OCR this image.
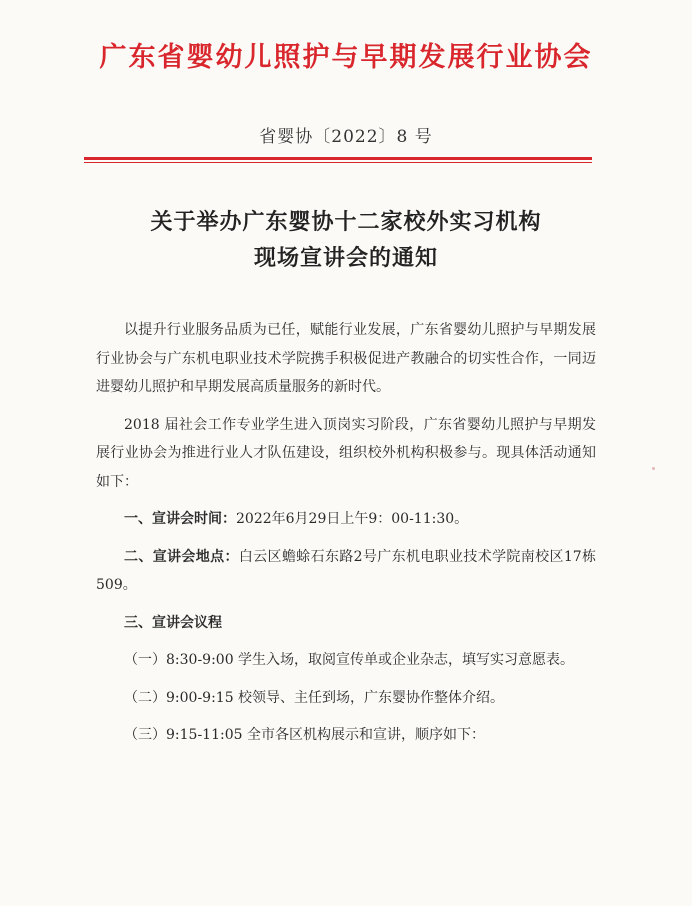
广东省婴幼儿照护与早期发展行业协会
省婴协〔2022〕8 号
关于举办广东婴协十二家校外实习机构
现场宣讲会的通知

以提升行业服务品质为已任，赋能行业发展，广东省婴幼儿照护与早期发展行业协会与广东机电职业技术学院携手积极促进产教融合的切实性合作，一同迈进婴幼儿照护和早期发展高质量服务的新时代。

2018 届社会工作专业学生进入顶岗实习阶段，广东省婴幼儿照护与早期发展行业协会为推进行业人才队伍建设，组织校外机构积极参与。现具体活动通知如下：

一、宣讲会时间：2022年6月29日上午9：00-11:30。

二、宣讲会地点：白云区蟾蜍石东路2号广东机电职业技术学院南校区17栋509。

三、宣讲会议程

（一）8:30-9:00 学生入场，取阅宣传单或企业杂志，填写实习意愿表。

（二）9:00-9:15 校领导、主任到场，广东婴协作整体介绍。

（三）9:15-11:05 全市各区机构展示和宣讲，顺序如下：
